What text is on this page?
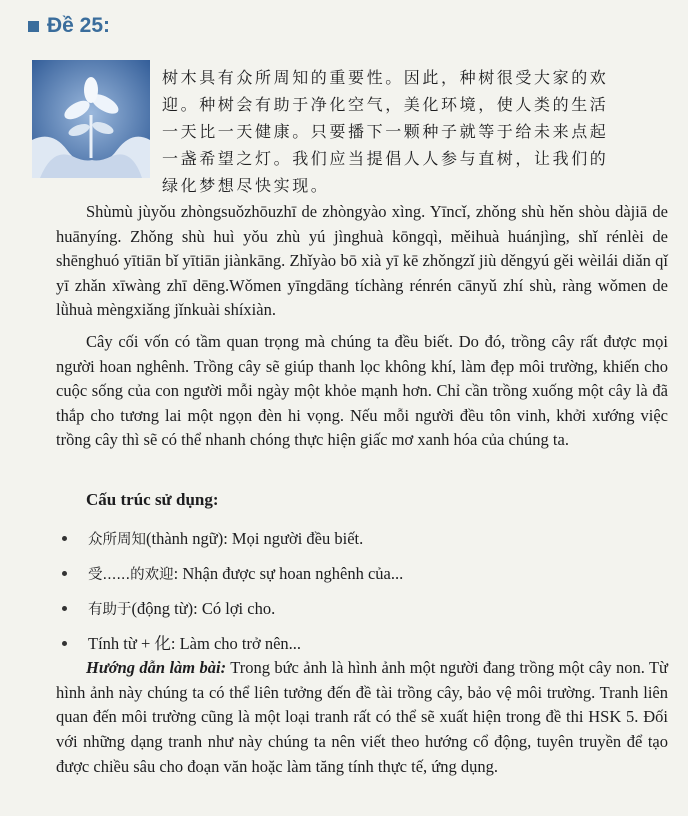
Đề 25:
树木具有众所周知的重要性。因此，种树很受大家的欢
迎。种树会有助于净化空气，美化环境，使人类的生活
一天比一天健康。只要播下一颗种子就等于给未来点起
一盏希望之灯。我们应当提倡人人参与直树，让我们的
绿化梦想尽快实现。

Shùmù jùyǒu zhòngsuǒzhōuzhī de zhòngyào xìng. Yīncǐ, zhǒng shù hěn shòu dàjiā de huānyíng. Zhǒng shù huì yǒu zhù yú jìnghuà kōngqì, měihuà huánjìng, shǐ rénlèi de shēnghuó yītiān bǐ yītiān jiànkāng. Zhǐyào bō xià yī kē zhǒngzǐ jiù děngyú gěi wèilái diǎn qǐ yī zhǎn xīwàng zhī dēng.Wǒmen yīngdāng tíchàng rénrén cānyǔ zhí shù, ràng wǒmen de lǜhuà mèngxiǎng jǐnkuài shíxiàn.

Cây cối vốn có tầm quan trọng mà chúng ta đều biết. Do đó, trồng cây rất được mọi người hoan nghênh. Trồng cây sẽ giúp thanh lọc không khí, làm đẹp môi trường, khiến cho cuộc sống của con người mỗi ngày một khỏe mạnh hơn. Chỉ cần trồng xuống một cây là đã thắp cho tương lai một ngọn đèn hi vọng. Nếu mỗi người đều tôn vinh, khởi xướng việc trồng cây thì sẽ có thể nhanh chóng thực hiện giấc mơ xanh hóa của chúng ta.

Cấu trúc sử dụng:
众所周知(thành ngữ): Mọi người đều biết.
受......的欢迎: Nhận được sự hoan nghênh của...
有助于(động từ): Có lợi cho.
Tính từ + 化: Làm cho trở nên...

Hướng dẫn làm bài: Trong bức ảnh là hình ảnh một người đang trồng một cây non. Từ hình ảnh này chúng ta có thể liên tưởng đến đề tài trồng cây, bảo vệ môi trường. Tranh liên quan đến môi trường cũng là một loại tranh rất có thể sẽ xuất hiện trong đề thi HSK 5. Đối với những dạng tranh như này chúng ta nên viết theo hướng cổ động, tuyên truyền để tạo được chiều sâu cho đoạn văn hoặc làm tăng tính thực tế, ứng dụng.
